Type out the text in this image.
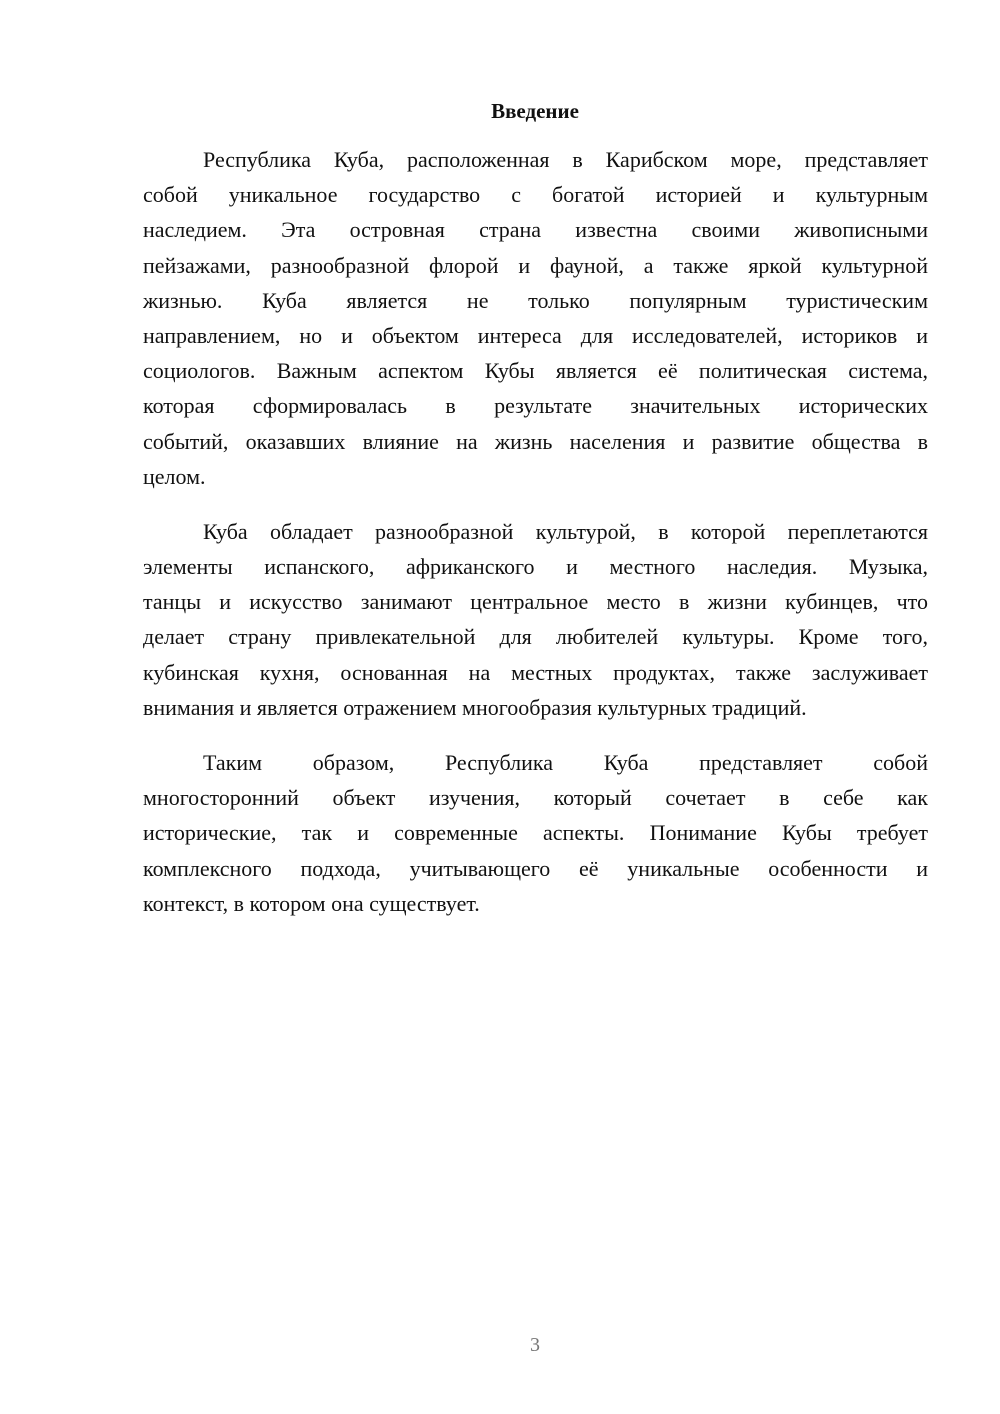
Введение
Республика Куба, расположенная в Карибском море, представляет
собой уникальное государство с богатой историей и культурным
наследием. Эта островная страна известна своими живописными
пейзажами, разнообразной флорой и фауной, а также яркой культурной
жизнью. Куба является не только популярным туристическим
направлением, но и объектом интереса для исследователей, историков и
социологов. Важным аспектом Кубы является её политическая система,
которая сформировалась в результате значительных исторических
событий, оказавших влияние на жизнь населения и развитие общества в
целом.
Куба обладает разнообразной культурой, в которой переплетаются
элементы испанского, африканского и местного наследия. Музыка,
танцы и искусство занимают центральное место в жизни кубинцев, что
делает страну привлекательной для любителей культуры. Кроме того,
кубинская кухня, основанная на местных продуктах, также заслуживает
внимания и является отражением многообразия культурных традиций.
Таким образом, Республика Куба представляет собой
многосторонний объект изучения, который сочетает в себе как
исторические, так и современные аспекты. Понимание Кубы требует
комплексного подхода, учитывающего её уникальные особенности и
контекст, в котором она существует.
3
